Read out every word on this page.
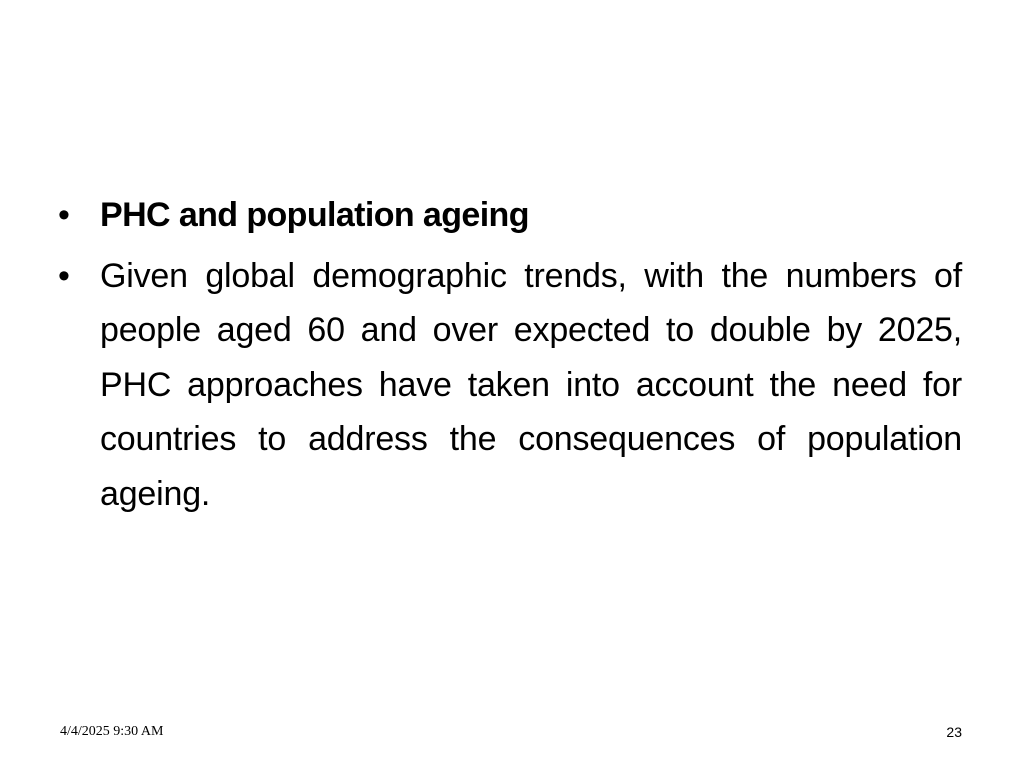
• PHC and population ageing
• Given global demographic trends, with the numbers of people aged 60 and over expected to double by 2025, PHC approaches have taken into account the need for countries to address the consequences of population ageing.
4/4/2025 9:30 AM	23
